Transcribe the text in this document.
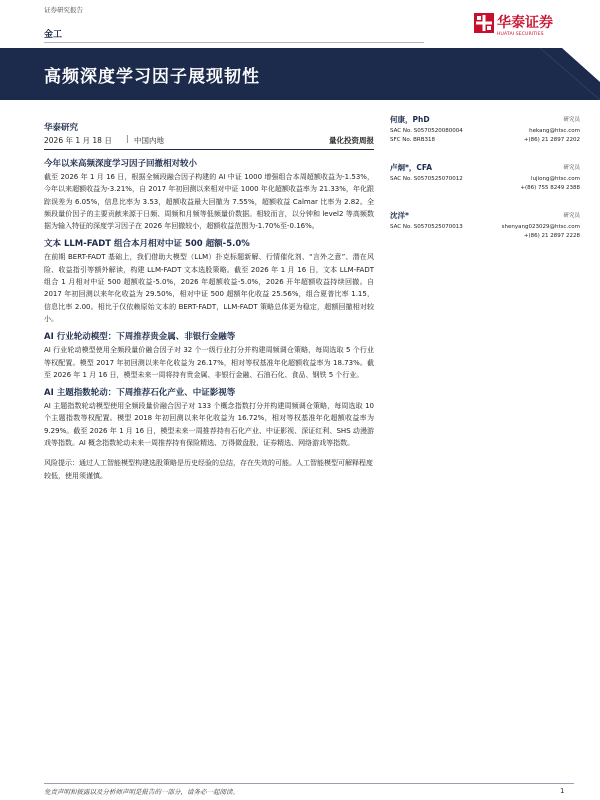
证券研究报告
金工
华泰证券
HUATAI SECURITIES
高频深度学习因子展现韧性
华泰研究
2026 年 1 月 18 日 | 中国内地	量化投资周报
今年以来高频深度学习因子回撤相对较小
截至 2026 年 1 月 16 日，根据全频段融合因子构建的 AI 中证 1000 增强组合本周超额收益为-1.53%，今年以来超额收益为-3.21%，自 2017 年初回测以来相对中证 1000 年化超额收益率为 21.33%，年化跟踪误差为 6.05%，信息比率为 3.53，超额收益最大回撤为 7.55%，超额收益 Calmar 比率为 2.82。全频段量价因子的主要贡献来源于日频、周频和月频等低频量价数据。相较而言，以分钟和 level2 等高频数据为输入特征的深度学习因子在 2026 年回撤较小，超额收益范围为-1.70%至-0.16%。
文本 LLM-FADT 组合本月相对中证 500 超额-5.0%
在前期 BERT-FADT 基础上，我们借助大模型（LLM）扑克标题新解、行情催化剂、“言外之意”、潜在风险、收益指引等额外解读，构建 LLM-FADT 文本选股策略。截至 2026 年 1 月 16 日，文本 LLM-FADT 组合 1 月相对中证 500 超额收益-5.0%，2026 年超额收益-5.0%，2026 开年超额收益持续回撤。自 2017 年初回测以来年化收益为 29.50%，相对中证 500 超额年化收益 25.56%，组合夏普比率 1.15，信息比率 2.00。相比于仅依赖原始文本的 BERT-FADT，LLM-FADT 策略总体更为稳定，超额回撤相对较小。
AI 行业轮动模型：下周推荐贵金属、非银行金融等
AI 行业轮动模型使用全频段量价融合因子对 32 个一级行业打分并构建周频调仓策略，每周选取 5 个行业等权配置。模型 2017 年初回测以来年化收益为 26.17%，相对等权基准年化超额收益率为 18.73%。截至 2026 年 1 月 16 日，模型未来一周将持有贵金属、非银行金融、石油石化、食品、钢铁 5 个行业。
AI 主题指数轮动：下周推荐石化产业、中证影视等
AI 主题指数轮动模型使用全频段量价融合因子对 133 个概念指数打分并构建周频调仓策略，每周选取 10 个主题指数等权配置。模型 2018 年初回测以来年化收益为 16.72%，相对等权基准年化超额收益率为 9.29%。截至 2026 年 1 月 16 日，模型未来一周推荐持有石化产业、中证影视、深证红利、SHS 动漫游戏等指数。AI 概念指数轮动未来一周推荐持有保险精选、万得微盘股、证券精选、网络游戏等指数。
风险提示：通过人工智能模型构建选股策略是历史经验的总结，存在失效的可能。人工智能模型可解释程度较低，使用须谨慎。
何康，PhD	研究员
SAC No. S0570520080004	hekang@htsc.com
SFC No. BRB318	+(86) 21 2897 2202
卢炯*，CFA	研究员
SAC No. S0570525070012	lujiong@htsc.com
+(86) 755 8249 2388
沈洋*	研究员
SAC No. S0570525070013	shenyang023029@htsc.com
+(86) 21 2897 2228
免责声明和披露以及分析师声明是报告的一部分，请务必一起阅读。	1
